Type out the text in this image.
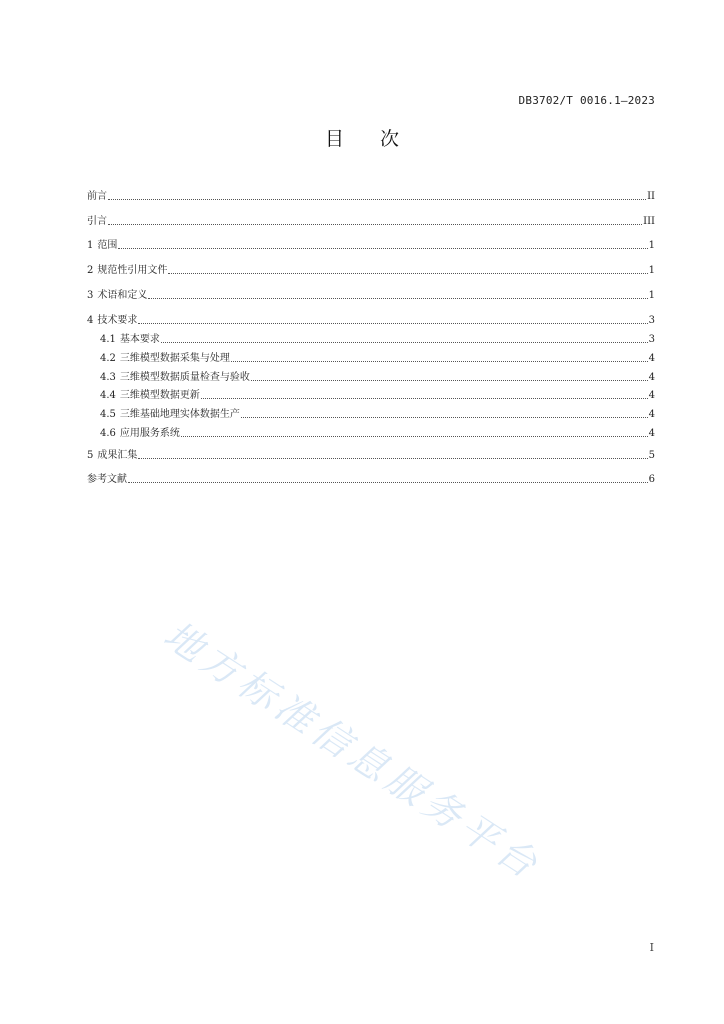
DB3702/T 0016.1—2023
目 次
前言	II
引言	III
1 范围	1
2 规范性引用文件	1
3 术语和定义	1
4 技术要求	3
4.1 基本要求	3
4.2 三维模型数据采集与处理	4
4.3 三维模型数据质量检查与验收	4
4.4 三维模型数据更新	4
4.5 三维基础地理实体数据生产	4
4.6 应用服务系统	4
5 成果汇集	5
参考文献	6
地方标准信息服务平台
I
